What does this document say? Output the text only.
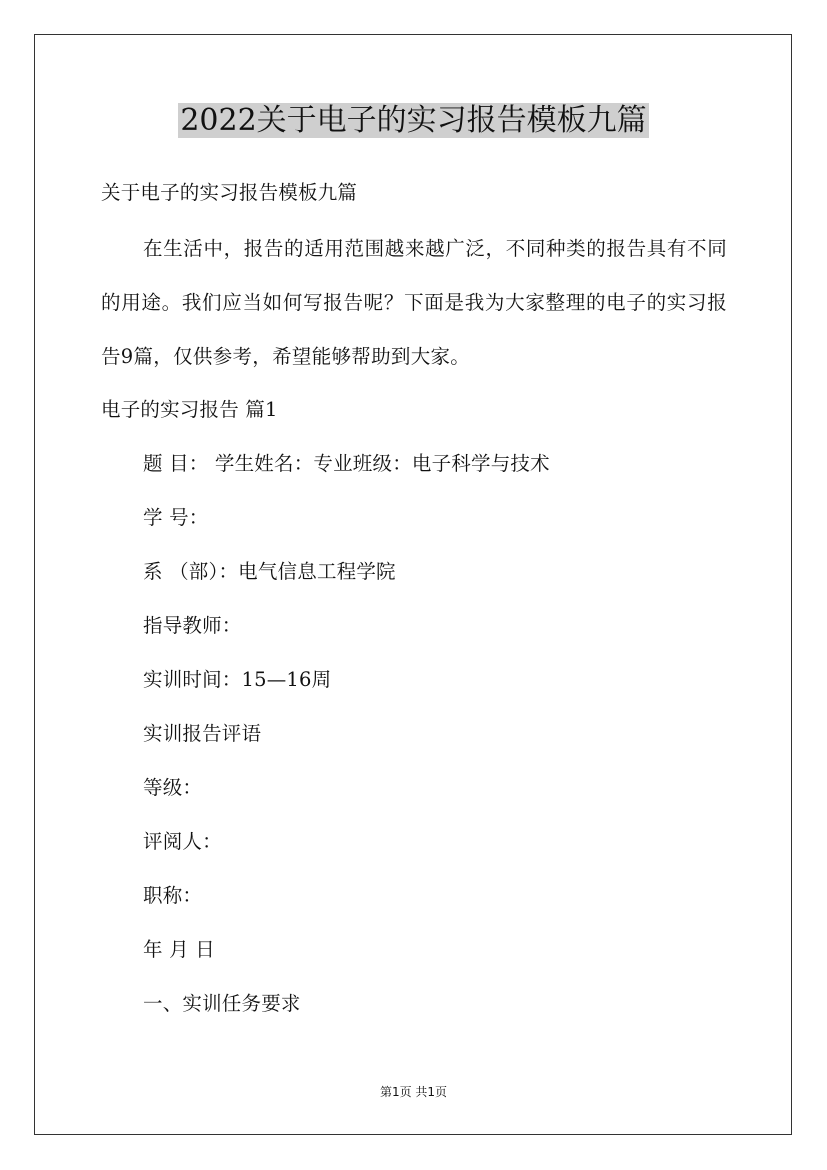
2022关于电子的实习报告模板九篇
关于电子的实习报告模板九篇
在生活中，报告的适用范围越来越广泛，不同种类的报告具有不同的用途。我们应当如何写报告呢？下面是我为大家整理的电子的实习报告9篇，仅供参考，希望能够帮助到大家。
电子的实习报告 篇1
题 目： 学生姓名：专业班级：电子科学与技术
学 号：
系 （部）：电气信息工程学院
指导教师：
实训时间：15—16周
实训报告评语
等级：
评阅人：
职称：
年 月 日
一、实训任务要求
第1页 共1页
